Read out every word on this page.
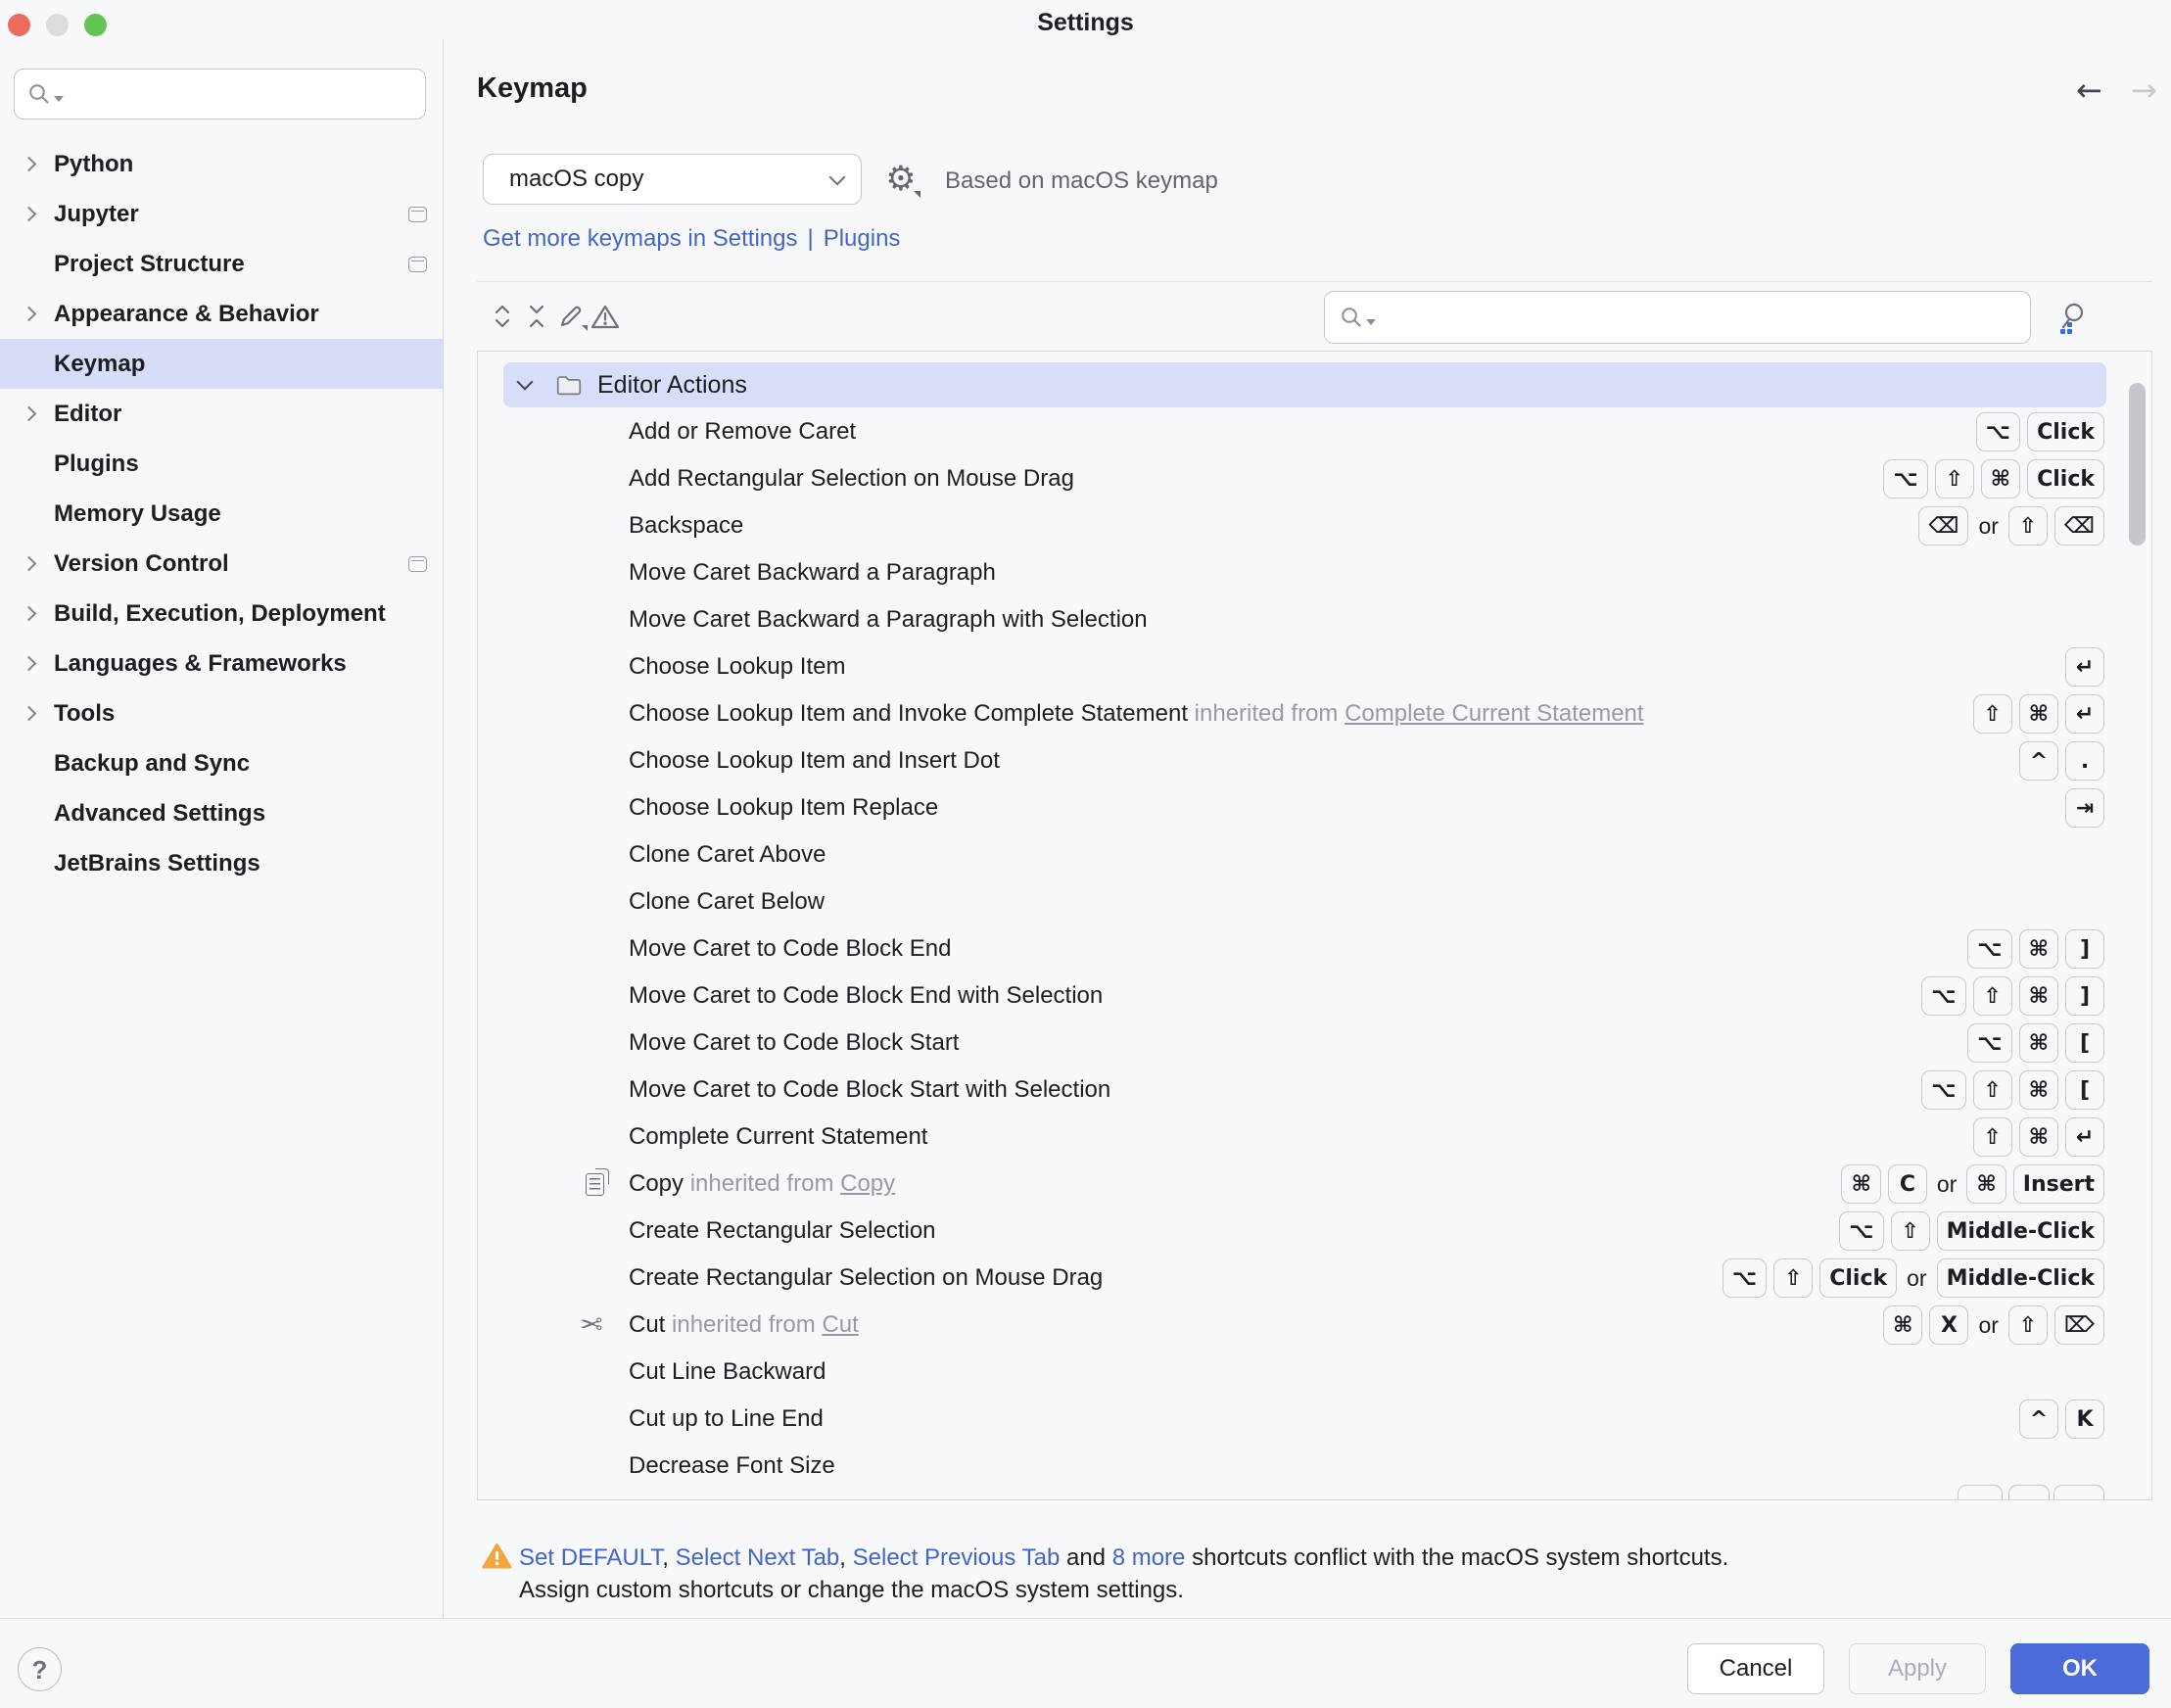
Settings
Python
Jupyter
Project Structure
Appearance & Behavior
Keymap
Editor
Plugins
Memory Usage
Version Control
Build, Execution, Deployment
Languages & Frameworks
Tools
Backup and Sync
Advanced Settings
JetBrains Settings
Keymap	← →
macOS copy	⚙ Based on macOS keymap
Get more keymaps in Settings | Plugins
Editor Actions
Add or Remove Caret	⌥	Click
Add Rectangular Selection on Mouse Drag	⌥	⇧	⌘	Click
Backspace	⌫ or ⇧	⌫
Move Caret Backward a Paragraph
Move Caret Backward a Paragraph with Selection
Choose Lookup Item	↵
Choose Lookup Item and Invoke Complete Statement inherited from Complete Current Statement	⇧	⌘	↵
Choose Lookup Item and Insert Dot	^	.
Choose Lookup Item Replace	⇥
Clone Caret Above
Clone Caret Below
Move Caret to Code Block End	⌥	⌘	]
Move Caret to Code Block End with Selection	⌥	⇧	⌘	]
Move Caret to Code Block Start	⌥	⌘	[
Move Caret to Code Block Start with Selection	⌥	⇧	⌘	[
Complete Current Statement	⇧	⌘	↵
Copy inherited from Copy	⌘	C or ⌘	Insert
Create Rectangular Selection	⌥	⇧	Middle-Click
Create Rectangular Selection on Mouse Drag	⌥	⇧	Click or Middle-Click
✂ Cut inherited from Cut	⌘	X or ⇧	⌦
Cut Line Backward
Cut up to Line End	^	K
Decrease Font Size
Set DEFAULT, Select Next Tab, Select Previous Tab and 8 more shortcuts conflict with the macOS system shortcuts.
Assign custom shortcuts or change the macOS system settings.
?	Cancel	Apply	OK
